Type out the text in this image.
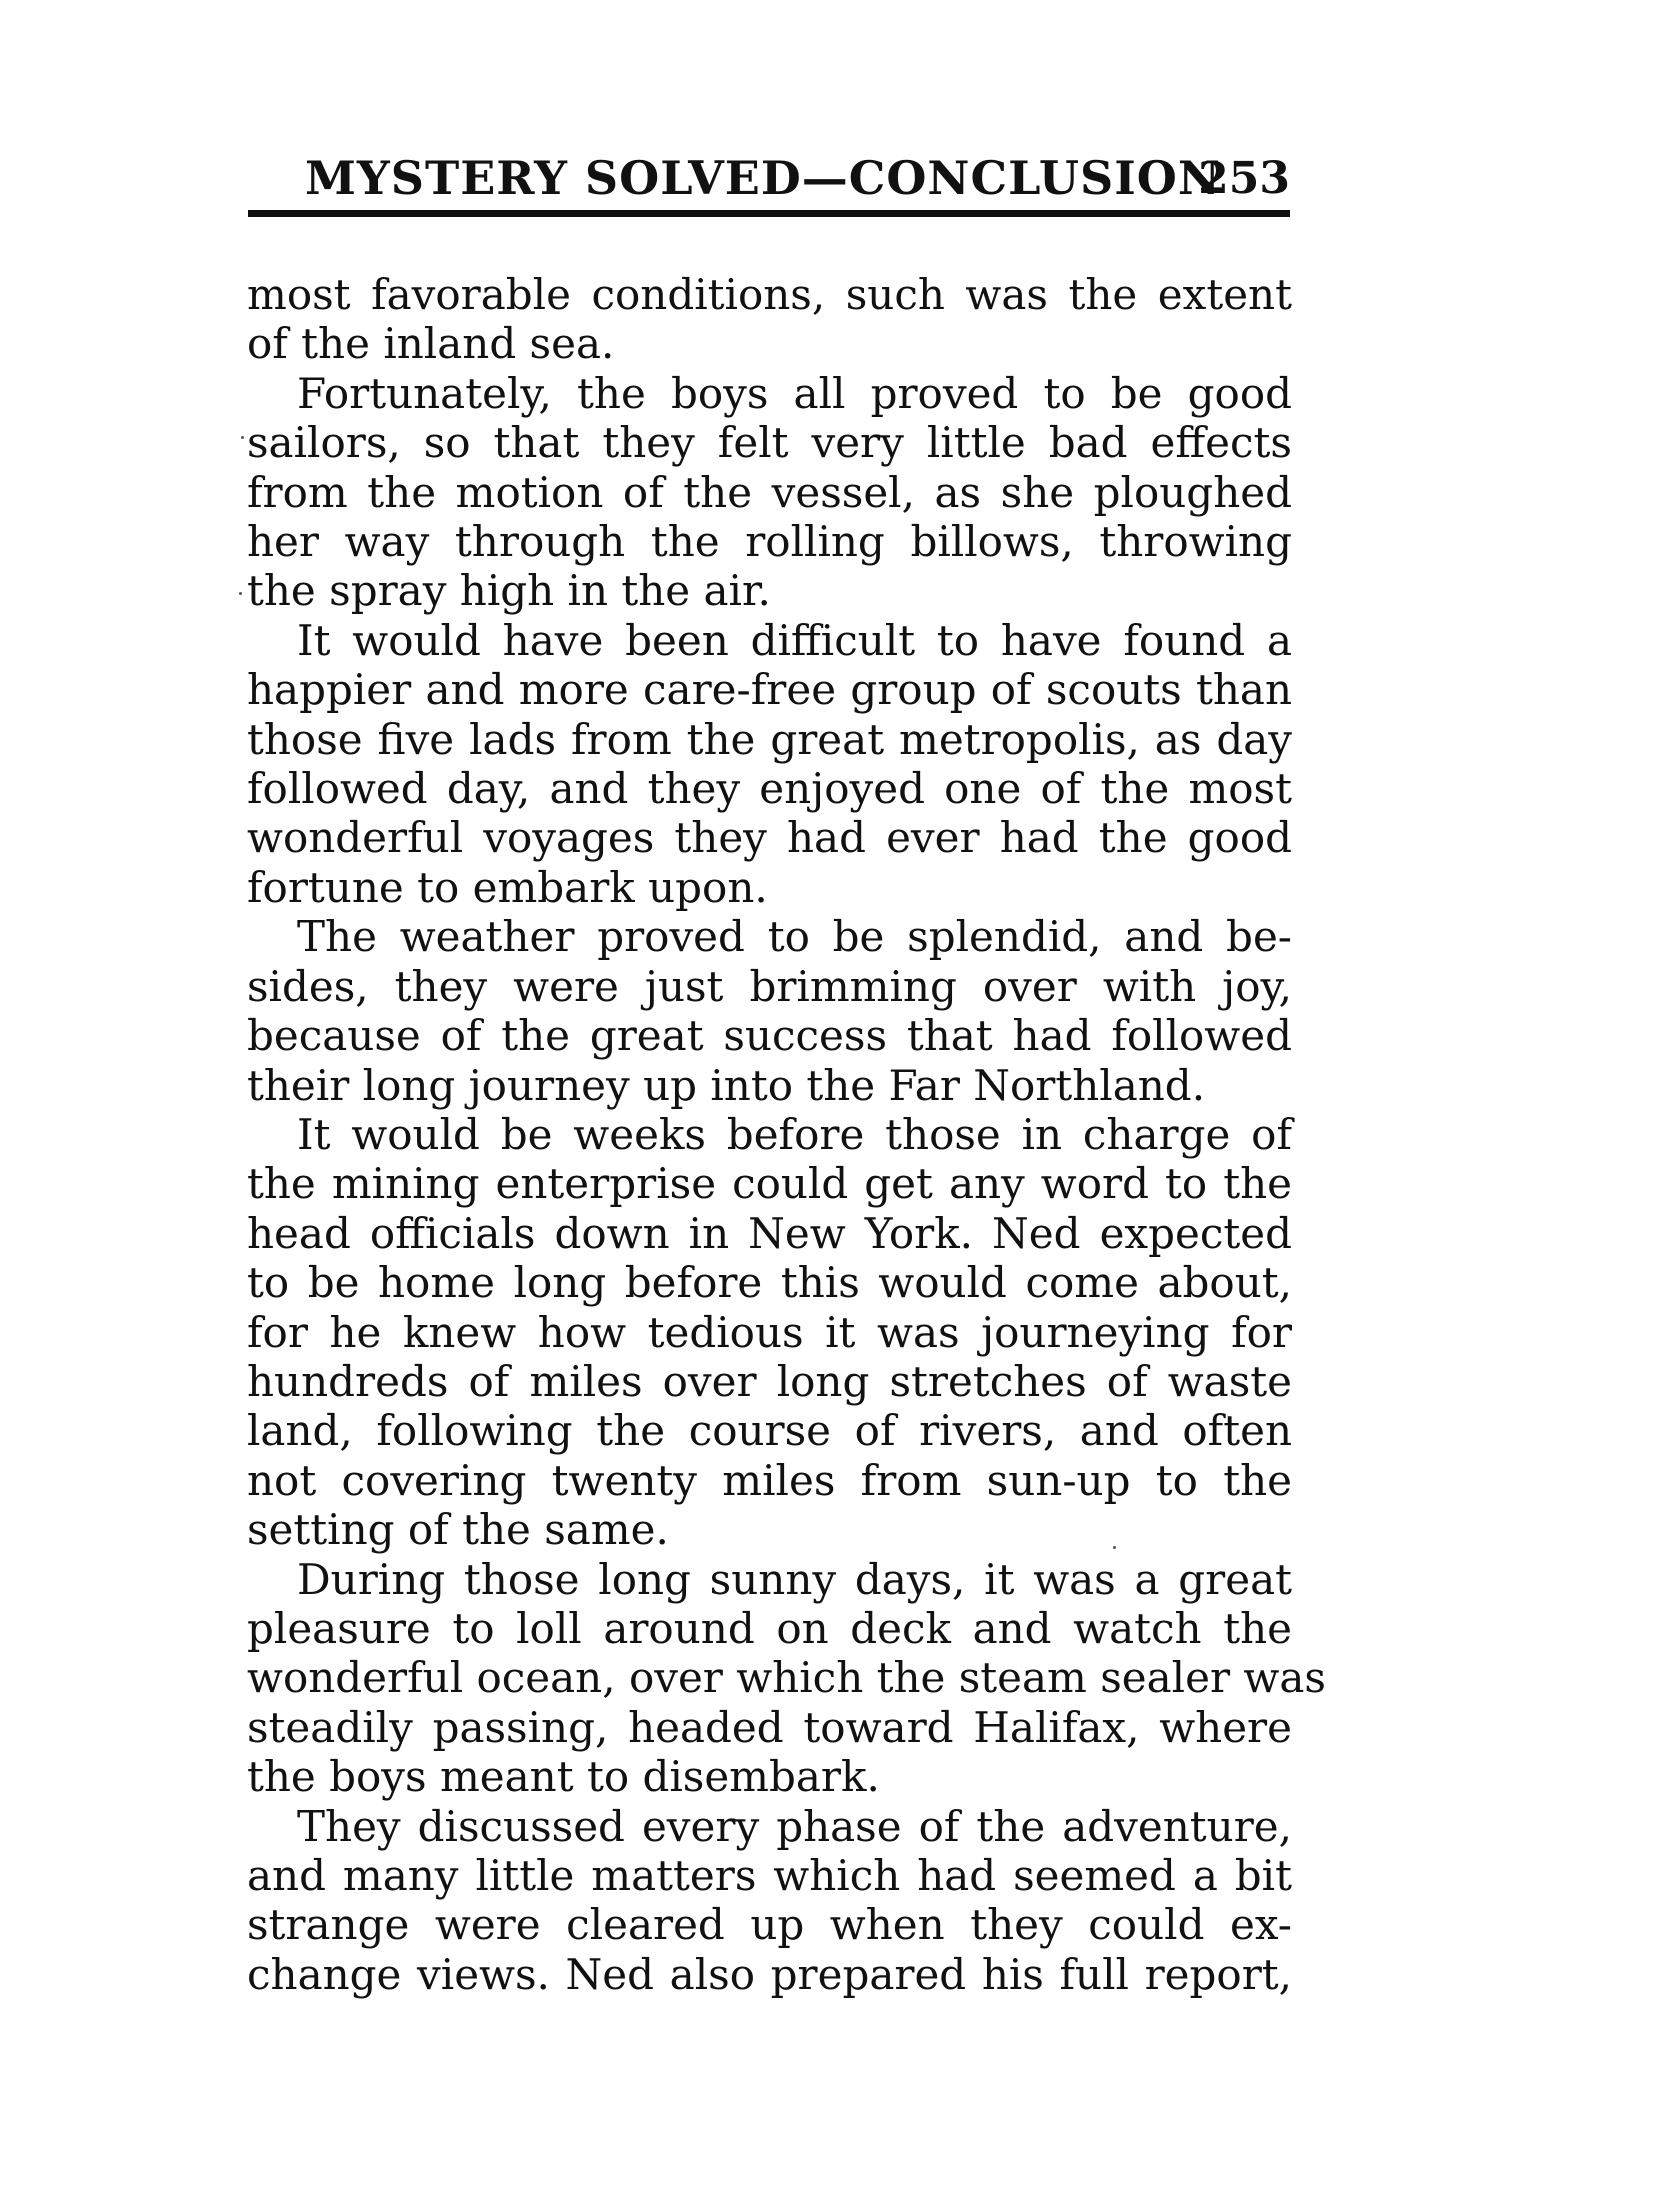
MYSTERY SOLVED—CONCLUSION
253
most favorable conditions, such was the extent
of the inland sea.
Fortunately, the boys all proved to be good
sailors, so that they felt very little bad effects
from the motion of the vessel, as she ploughed
her way through the rolling billows, throwing
the spray high in the air.
It would have been difficult to have found a
happier and more care-free group of scouts than
those five lads from the great metropolis, as day
followed day, and they enjoyed one of the most
wonderful voyages they had ever had the good
fortune to embark upon.
The weather proved to be splendid, and be-
sides, they were just brimming over with joy,
because of the great success that had followed
their long journey up into the Far Northland.
It would be weeks before those in charge of
the mining enterprise could get any word to the
head officials down in New York. Ned expected
to be home long before this would come about,
for he knew how tedious it was journeying for
hundreds of miles over long stretches of waste
land, following the course of rivers, and often
not covering twenty miles from sun-up to the
setting of the same.
During those long sunny days, it was a great
pleasure to loll around on deck and watch the
wonderful ocean, over which the steam sealer was
steadily passing, headed toward Halifax, where
the boys meant to disembark.
They discussed every phase of the adventure,
and many little matters which had seemed a bit
strange were cleared up when they could ex-
change views. Ned also prepared his full report,
